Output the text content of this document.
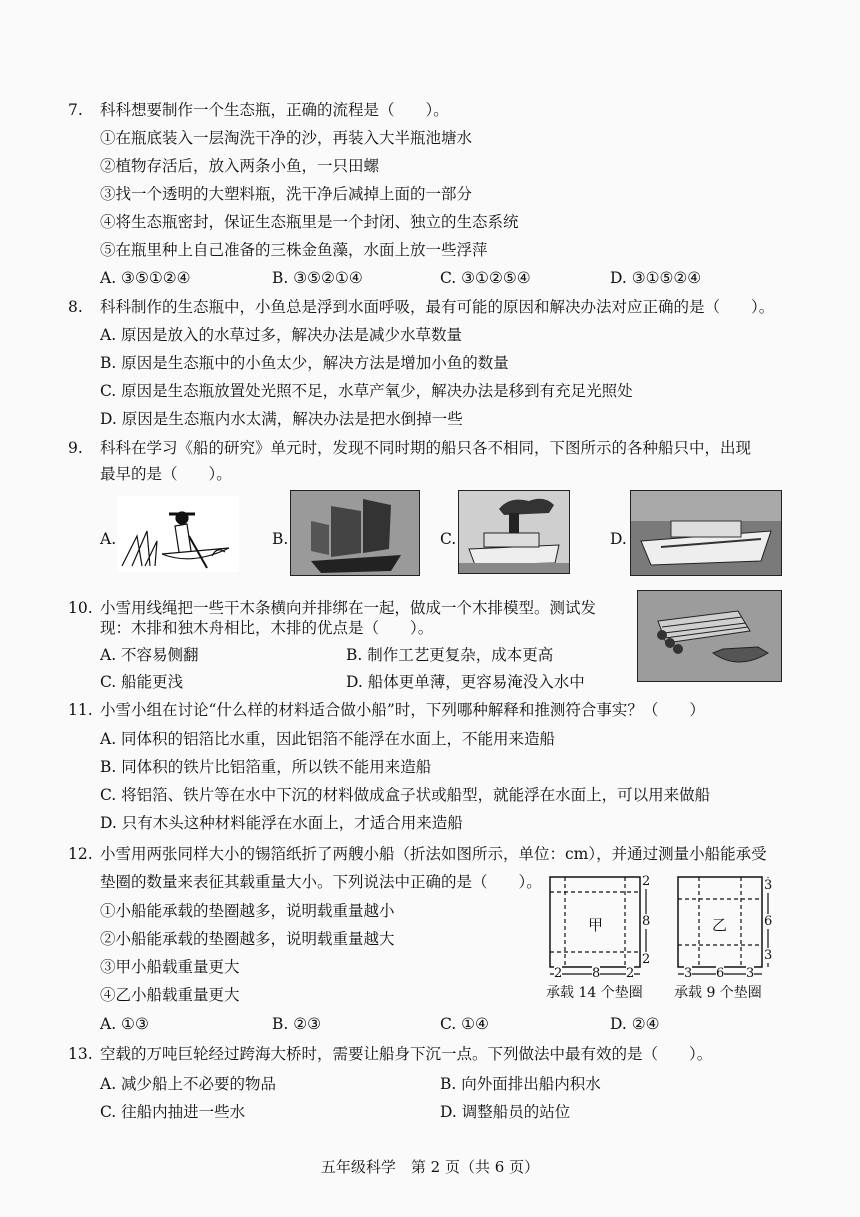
7. 科科想要制作一个生态瓶，正确的流程是（　　）。
①在瓶底装入一层淘洗干净的沙，再装入大半瓶池塘水
②植物存活后，放入两条小鱼，一只田螺
③找一个透明的大塑料瓶，洗干净后减掉上面的一部分
④将生态瓶密封，保证生态瓶里是一个封闭、独立的生态系统
⑤在瓶里种上自己准备的三株金鱼藻，水面上放一些浮萍
A. ③⑤①②④	B. ③⑤②①④	C. ③①②⑤④	D. ③①⑤②④
8. 科科制作的生态瓶中，小鱼总是浮到水面呼吸，最有可能的原因和解决办法对应正确的是（　　）。
A. 原因是放入的水草过多，解决办法是减少水草数量
B. 原因是生态瓶中的小鱼太少，解决方法是增加小鱼的数量
C. 原因是生态瓶放置处光照不足，水草产氧少，解决办法是移到有充足光照处
D. 原因是生态瓶内水太满，解决办法是把水倒掉一些
9. 科科在学习《船的研究》单元时，发现不同时期的船只各不相同，下图所示的各种船只中，出现
最早的是（　　）。
A.	B.	C.	D.
10. 小雪用线绳把一些干木条横向并排绑在一起，做成一个木排模型。测试发
现：木排和独木舟相比，木排的优点是（　　）。
A. 不容易侧翻	B. 制作工艺更复杂，成本更高
C. 船能更浅	D. 船体更单薄，更容易淹没入水中
11. 小雪小组在讨论“什么样的材料适合做小船”时，下列哪种解释和推测符合事实？（　　）
A. 同体积的铝箔比水重，因此铝箔不能浮在水面上，不能用来造船
B. 同体积的铁片比铝箔重，所以铁不能用来造船
C. 将铝箔、铁片等在水中下沉的材料做成盒子状或船型，就能浮在水面上，可以用来做船
D. 只有木头这种材料能浮在水面上，才适合用来造船
12. 小雪用两张同样大小的锡箔纸折了两艘小船（折法如图所示，单位：cm），并通过测量小船能承受
垫圈的数量来表征其载重量大小。下列说法中正确的是（　　）。
①小船能承载的垫圈越多，说明载重量越小
②小船能承载的垫圈越多，说明载重量越大
③甲小船载重量更大
④乙小船载重量更大
A. ①③	B. ②③	C. ①④	D. ②④
甲
2
8
2
2 8 2
承载 14 个垫圈
乙
3
6
3
3 6 3
承载 9 个垫圈
13. 空载的万吨巨轮经过跨海大桥时，需要让船身下沉一点。下列做法中最有效的是（　　）。
A. 减少船上不必要的物品	B. 向外面排出船内积水
C. 往船内抽进一些水	D. 调整船员的站位
五年级科学　第 2 页（共 6 页）
